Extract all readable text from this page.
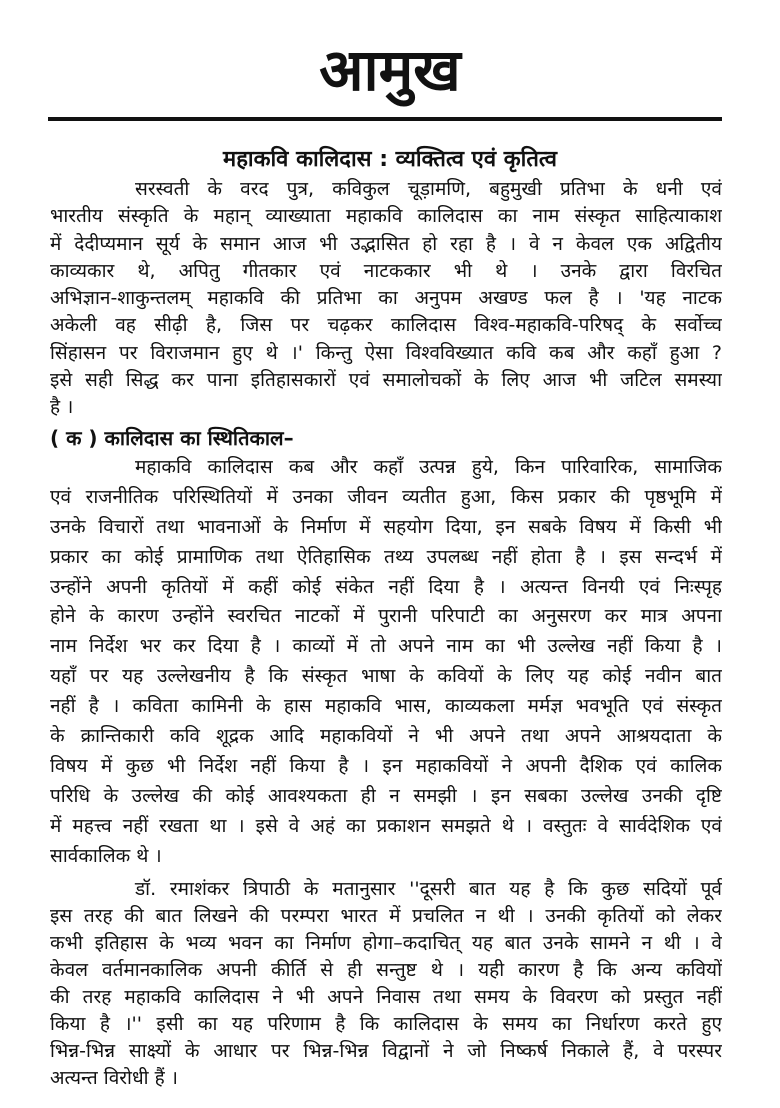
आमुख
महाकवि कालिदास : व्यक्तित्व एवं कृतित्व
सरस्वती के वरद पुत्र, कविकुल चूड़ामणि, बहुमुखी प्रतिभा के धनी एवं
भारतीय संस्कृति के महान् व्याख्याता महाकवि कालिदास का नाम संस्कृत साहित्याकाश
में देदीप्यमान सूर्य के समान आज भी उद्भासित हो रहा है । वे न केवल एक अद्वितीय
काव्यकार थे, अपितु गीतकार एवं नाटककार भी थे । उनके द्वारा विरचित
अभिज्ञान-शाकुन्तलम् महाकवि की प्रतिभा का अनुपम अखण्ड फल है । 'यह नाटक
अकेली वह सीढ़ी है, जिस पर चढ़कर कालिदास विश्व-महाकवि-परिषद् के सर्वोच्च
सिंहासन पर विराजमान हुए थे ।' किन्तु ऐसा विश्वविख्यात कवि कब और कहाँ हुआ ?
इसे सही सिद्ध कर पाना इतिहासकारों एवं समालोचकों के लिए आज भी जटिल समस्या
है ।
( क ) कालिदास का स्थितिकाल–
महाकवि कालिदास कब और कहाँ उत्पन्न हुये, किन पारिवारिक, सामाजिक
एवं राजनीतिक परिस्थितियों में उनका जीवन व्यतीत हुआ, किस प्रकार की पृष्ठभूमि में
उनके विचारों तथा भावनाओं के निर्माण में सहयोग दिया, इन सबके विषय में किसी भी
प्रकार का कोई प्रामाणिक तथा ऐतिहासिक तथ्य उपलब्ध नहीं होता है । इस सन्दर्भ में
उन्होंने अपनी कृतियों में कहीं कोई संकेत नहीं दिया है । अत्यन्त विनयी एवं निःस्पृह
होने के कारण उन्होंने स्वरचित नाटकों में पुरानी परिपाटी का अनुसरण कर मात्र अपना
नाम निर्देश भर कर दिया है । काव्यों में तो अपने नाम का भी उल्लेख नहीं किया है ।
यहाँ पर यह उल्लेखनीय है कि संस्कृत भाषा के कवियों के लिए यह कोई नवीन बात
नहीं है । कविता कामिनी के हास महाकवि भास, काव्यकला मर्मज्ञ भवभूति एवं संस्कृत
के क्रान्तिकारी कवि शूद्रक आदि महाकवियों ने भी अपने तथा अपने आश्रयदाता के
विषय में कुछ भी निर्देश नहीं किया है । इन महाकवियों ने अपनी दैशिक एवं कालिक
परिधि के उल्लेख की कोई आवश्यकता ही न समझी । इन सबका उल्लेख उनकी दृष्टि
में महत्त्व नहीं रखता था । इसे वे अहं का प्रकाशन समझते थे । वस्तुतः वे सार्वदेशिक एवं
सार्वकालिक थे ।
डॉ. रमाशंकर त्रिपाठी के मतानुसार ''दूसरी बात यह है कि कुछ सदियों पूर्व
इस तरह की बात लिखने की परम्परा भारत में प्रचलित न थी । उनकी कृतियों को लेकर
कभी इतिहास के भव्य भवन का निर्माण होगा–कदाचित् यह बात उनके सामने न थी । वे
केवल वर्तमानकालिक अपनी कीर्ति से ही सन्तुष्ट थे । यही कारण है कि अन्य कवियों
की तरह महाकवि कालिदास ने भी अपने निवास तथा समय के विवरण को प्रस्तुत नहीं
किया है ।'' इसी का यह परिणाम है कि कालिदास के समय का निर्धारण करते हुए
भिन्न-भिन्न साक्ष्यों के आधार पर भिन्न-भिन्न विद्वानों ने जो निष्कर्ष निकाले हैं, वे परस्पर
अत्यन्त विरोधी हैं ।
